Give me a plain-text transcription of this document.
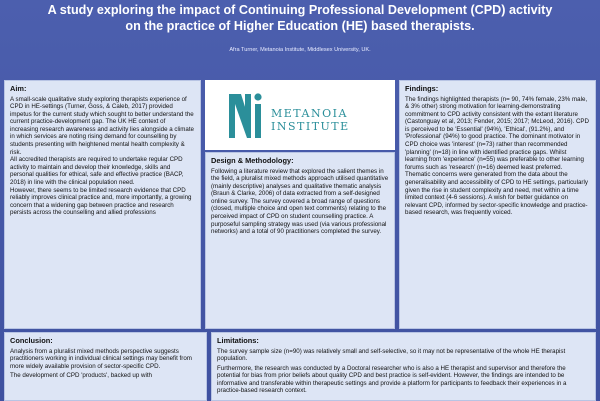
A study exploring the impact of Continuing Professional Development (CPD) activity on the practice of Higher Education (HE) based therapists.
Afra Turner, Metanoia Institute, Middlesex University, UK.
Aim:

A small-scale qualitative study exploring therapists experience of CPD in HE-settings (Turner, Goss, & Caleb, 2017) provided impetus for the current study which sought to better understand the current practice-development gap. The UK HE context of increasing research awareness and activity lies alongside a climate in which services are noting rising demand for counselling by students presenting with heightened mental health complexity & risk.

All accredited therapists are required to undertake regular CPD activity to maintain and develop their knowledge, skills and personal qualities for ethical, safe and effective practice (BACP, 2018) in line with the clinical population need.

However, there seems to be limited research evidence that CPD reliably improves clinical practice and, more importantly, a growing concern that a widening gap between practice and research persists across the counselling and allied professions

METANOIA
INSTITUTE
Design & Methodology:

Following a literature review that explored the salient themes in the field, a pluralist mixed methods approach utilised quantitative (mainly descriptive) analyses and qualitative thematic analysis (Braun & Clarke, 2006) of data extracted from a self-designed online survey. The survey covered a broad range of questions (closed, multiple choice and open text comments) relating to the perceived impact of CPD on student counselling practice. A purposeful sampling strategy was used (via various professional networks) and a total of 90 practitioners completed the survey.

Findings:

The findings highlighted therapists (n= 90, 74% female, 23% male, & 3% other) strong motivation for learning-demonstrating commitment to CPD activity consistent with the extant literature (Castonguay et al, 2013; Fender, 2015; 2017; McLeod, 2016). CPD is perceived to be 'Essential' (94%), 'Ethical', (91.2%), and 'Professional' (94%) to good practice. The dominant motivator in CPD choice was 'interest' (n=73) rather than recommended 'planning' (n=18) in line with identified practice gaps. Whilst learning from 'experience' (n=55) was preferable to other learning forums such as 'research' (n=16) deemed least preferred.

Thematic concerns were generated from the data about the generalisability and accessibility of CPD to HE settings, particularly given the rise in student complexity and need, met within a time limited context (4-6 sessions). A wish for better guidance on relevant CPD, informed by sector-specific knowledge and practice-based research, was frequently voiced.

Conclusion:

Analysis from a pluralist mixed methods perspective suggests practitioners working in individual clinical settings may benefit from more widely available provision of sector-specific CPD.

The development of CPD 'products', backed up with

Limitations:

The survey sample size (n=90) was relatively small and self-selective, so it may not be representative of the whole HE therapist population.

Furthermore, the research was conducted by a Doctoral researcher who is also a HE therapist and supervisor and therefore the potential for bias from prior beliefs about quality CPD and best practice is self-evident. However, the findings are intended to be informative and transferable within therapeutic settings and provide a platform for participants to feedback their experiences in a practice-based research context.
